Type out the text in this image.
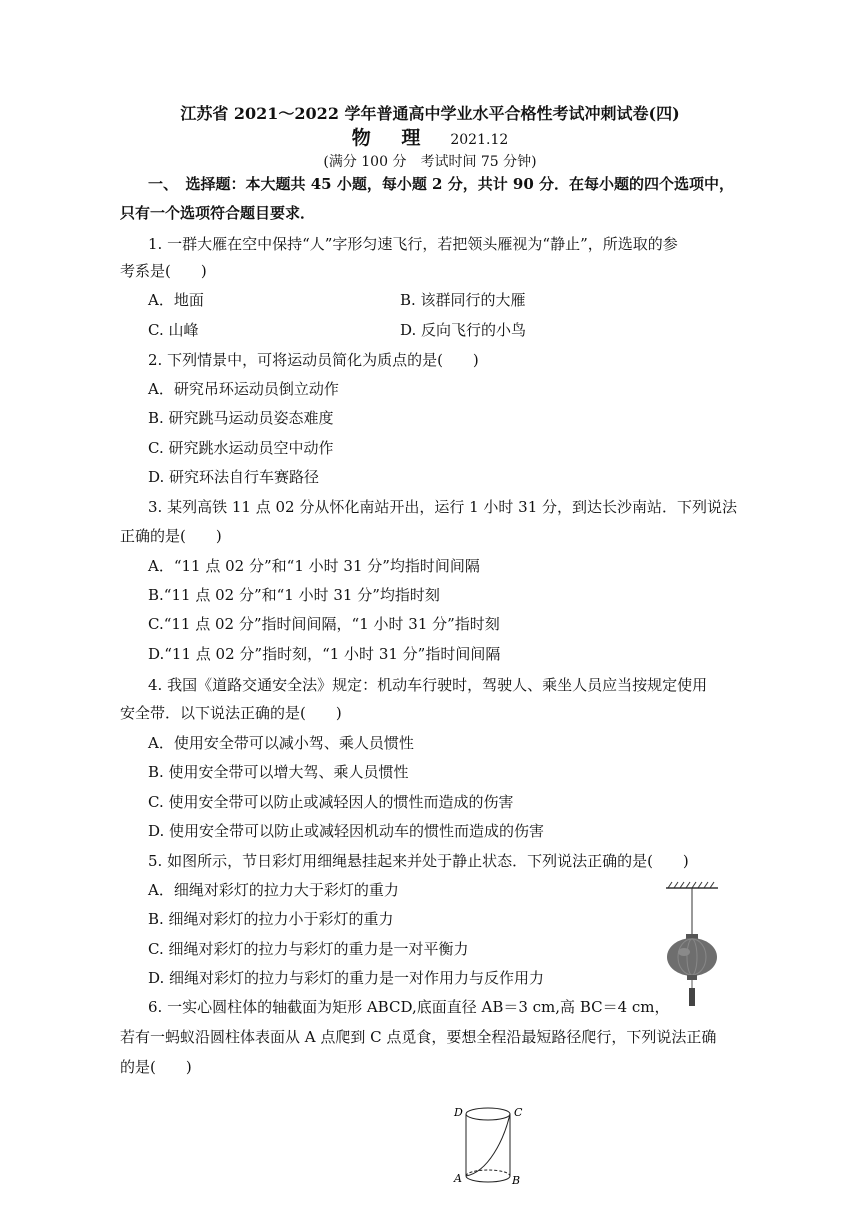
江苏省 2021～2022 学年普通高中学业水平合格性考试冲刺试卷(四)
物 理 2021.12
(满分 100 分　考试时间 75 分钟)
一、　选择题：本大题共 45 小题，每小题 2 分，共计 90 分．在每小题的四个选项中，
只有一个选项符合题目要求．
1. 一群大雁在空中保持“人”字形匀速飞行，若把领头雁视为“静止”，所选取的参
考系是(　　)
A．地面	B. 该群同行的大雁
C. 山峰	D. 反向飞行的小鸟
2. 下列情景中，可将运动员简化为质点的是(　　)
A．研究吊环运动员倒立动作
B. 研究跳马运动员姿态难度
C. 研究跳水运动员空中动作
D. 研究环法自行车赛路径
3. 某列高铁 11 点 02 分从怀化南站开出，运行 1 小时 31 分，到达长沙南站．下列说法
正确的是(　　)
A．“11 点 02 分”和“1 小时 31 分”均指时间间隔
B.“11 点 02 分”和“1 小时 31 分”均指时刻
C.“11 点 02 分”指时间间隔，“1 小时 31 分”指时刻
D.“11 点 02 分”指时刻，“1 小时 31 分”指时间间隔
4. 我国《道路交通安全法》规定：机动车行驶时，驾驶人、乘坐人员应当按规定使用
安全带．以下说法正确的是(　　)
A．使用安全带可以减小驾、乘人员惯性
B. 使用安全带可以增大驾、乘人员惯性
C. 使用安全带可以防止或减轻因人的惯性而造成的伤害
D. 使用安全带可以防止或减轻因机动车的惯性而造成的伤害
5. 如图所示，节日彩灯用细绳悬挂起来并处于静止状态．下列说法正确的是(　　)
A．细绳对彩灯的拉力大于彩灯的重力
B. 细绳对彩灯的拉力小于彩灯的重力
C. 细绳对彩灯的拉力与彩灯的重力是一对平衡力
D. 细绳对彩灯的拉力与彩灯的重力是一对作用力与反作用力
6. 一实心圆柱体的轴截面为矩形 ABCD,底面直径 AB＝3 cm,高 BC＝4 cm，
若有一蚂蚁沿圆柱体表面从 A 点爬到 C 点觅食，要想全程沿最短路径爬行，下列说法正确
的是(　　)
D	C
A	B
